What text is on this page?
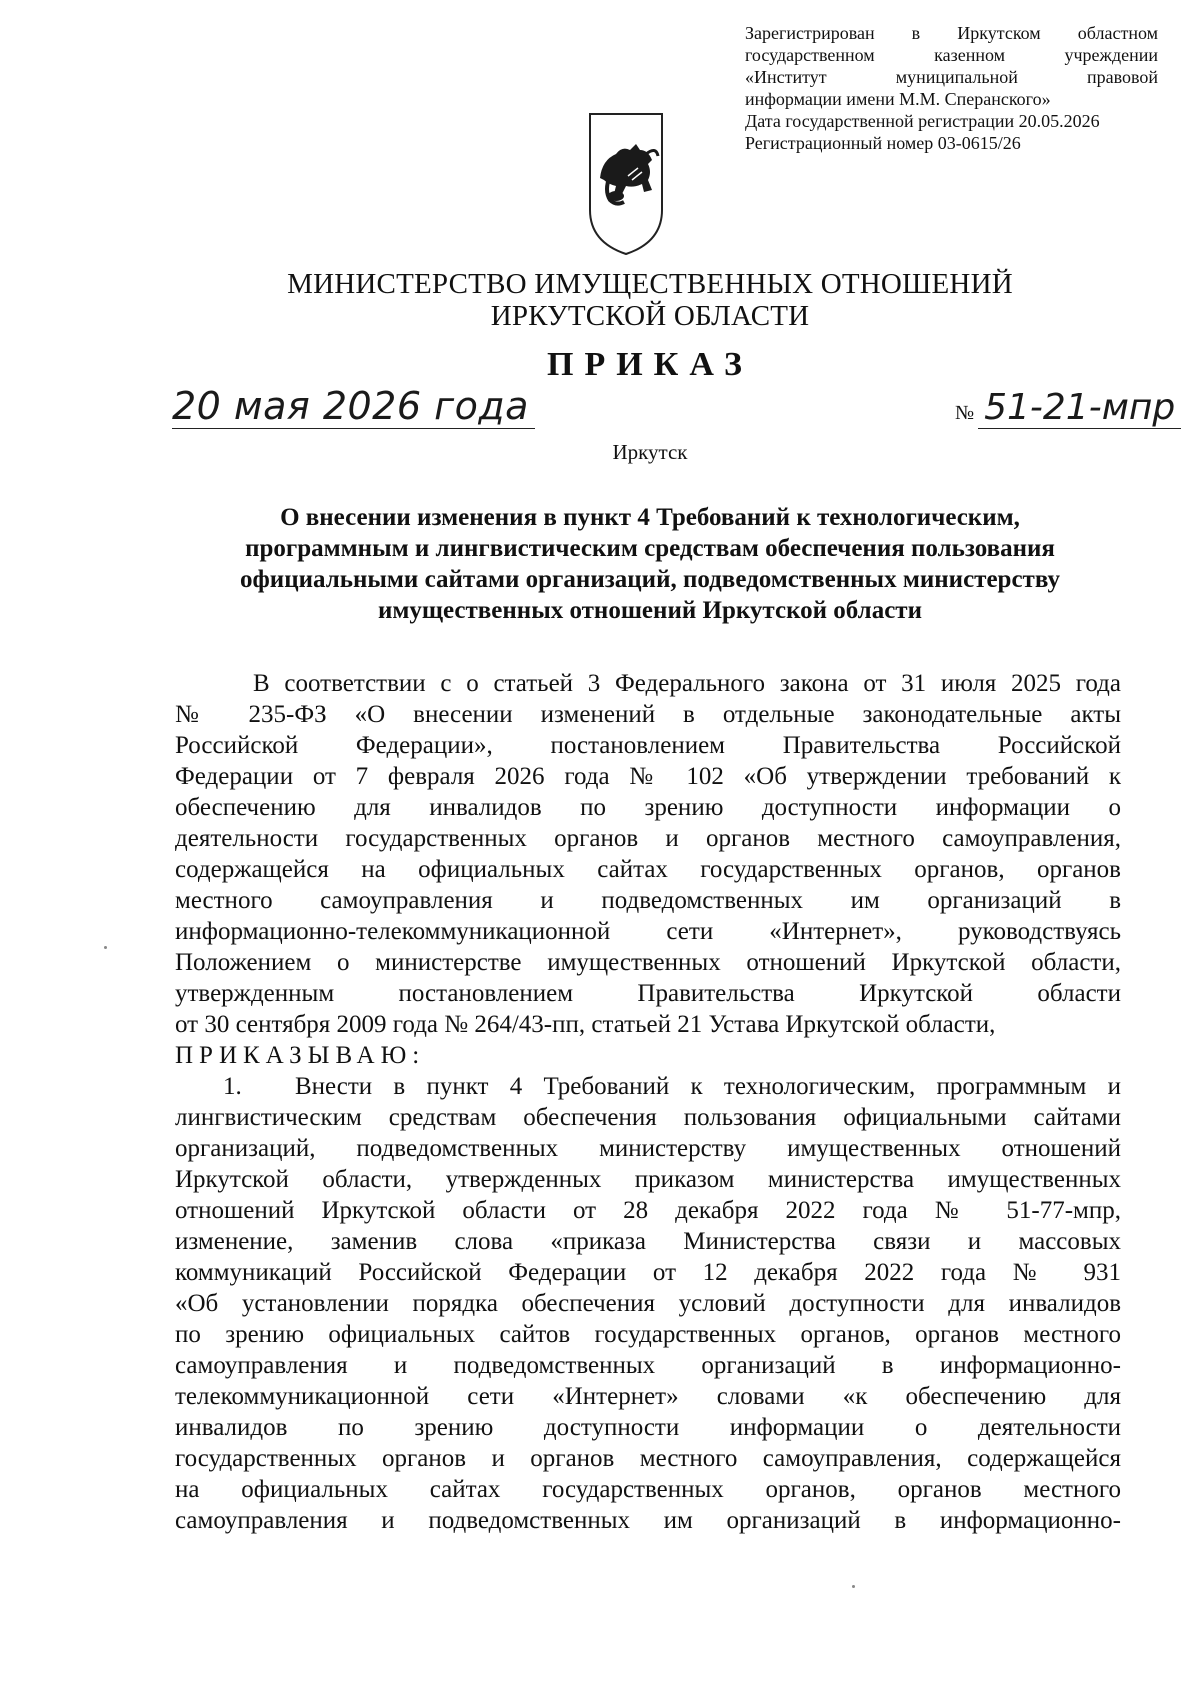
Зарегистрирован в Иркутском областном

государственном казенном учреждении

«Институт муниципальной правовой

информации имени М.М. Сперанского»

Дата государственной регистрации 20.05.2026

Регистрационный номер 03-0615/26

МИНИСТЕРСТВО ИМУЩЕСТВЕННЫХ ОТНОШЕНИЙ

ИРКУТСКОЙ ОБЛАСТИ

ПРИКАЗ
20 мая 2026 года	№ 51-21-мпр
Иркутск

О внесении изменения в пункт 4 Требований к технологическим,

программным и лингвистическим средствам обеспечения пользования

официальными сайтами организаций, подведомственных министерству

имущественных отношений Иркутской области

В соответствии с о статьей 3 Федерального закона от 31 июля 2025 года
№ 235-ФЗ «О внесении изменений в отдельные законодательные акты
Российской Федерации», постановлением Правительства Российской
Федерации от 7 февраля 2026 года № 102 «Об утверждении требований к
обеспечению для инвалидов по зрению доступности информации о
деятельности государственных органов и органов местного самоуправления,
содержащейся на официальных сайтах государственных органов, органов
местного самоуправления и подведомственных им организаций в
информационно-телекоммуникационной сети «Интернет», руководствуясь
Положением о министерстве имущественных отношений Иркутской области,
утвержденным постановлением Правительства Иркутской области
от 30 сентября 2009 года № 264/43-пп, статьей 21 Устава Иркутской области,
ПРИКАЗЫВАЮ:
1. Внести в пункт 4 Требований к технологическим, программным и
лингвистическим средствам обеспечения пользования официальными сайтами
организаций, подведомственных министерству имущественных отношений
Иркутской области, утвержденных приказом министерства имущественных
отношений Иркутской области от 28 декабря 2022 года № 51-77-мпр,
изменение, заменив слова «приказа Министерства связи и массовых
коммуникаций Российской Федерации от 12 декабря 2022 года № 931
«Об установлении порядка обеспечения условий доступности для инвалидов
по зрению официальных сайтов государственных органов, органов местного
самоуправления и подведомственных организаций в информационно-
телекоммуникационной сети «Интернет» словами «к обеспечению для
инвалидов по зрению доступности информации о деятельности
государственных органов и органов местного самоуправления, содержащейся
на официальных сайтах государственных органов, органов местного
самоуправления и подведомственных им организаций в информационно-
